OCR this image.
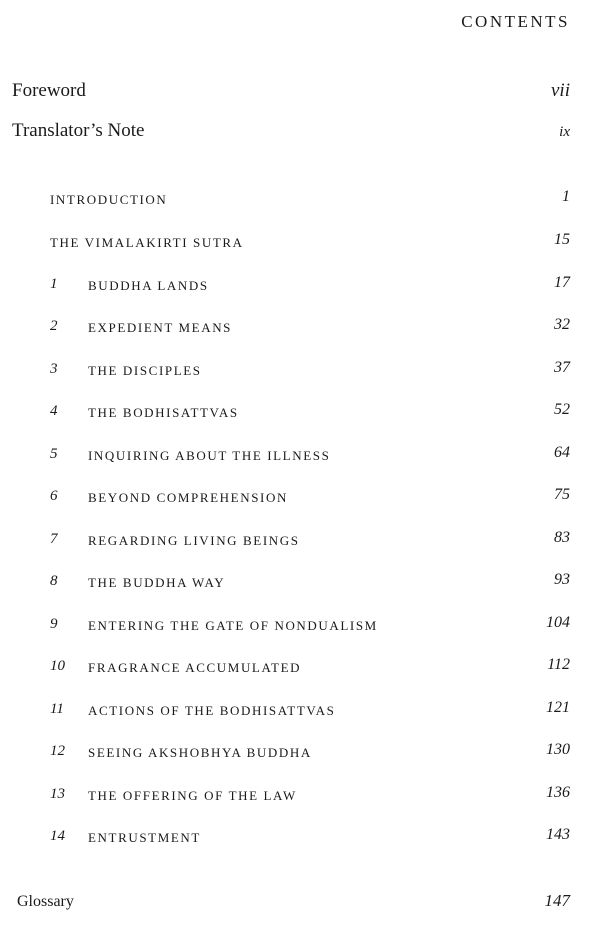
CONTENTS
Foreword	vii
Translator’s Note	ix
INTRODUCTION	1
THE VIMALAKIRTI SUTRA	15
1 BUDDHA LANDS	17
2 EXPEDIENT MEANS	32
3 THE DISCIPLES	37
4 THE BODHISATTVAS	52
5 INQUIRING ABOUT THE ILLNESS	64
6 BEYOND COMPREHENSION	75
7 REGARDING LIVING BEINGS	83
8 THE BUDDHA WAY	93
9 ENTERING THE GATE OF NONDUALISM	104
10 FRAGRANCE ACCUMULATED	112
11 ACTIONS OF THE BODHISATTVAS	121
12 SEEING AKSHOBHYA BUDDHA	130
13 THE OFFERING OF THE LAW	136
14 ENTRUSTMENT	143
Glossary	147
